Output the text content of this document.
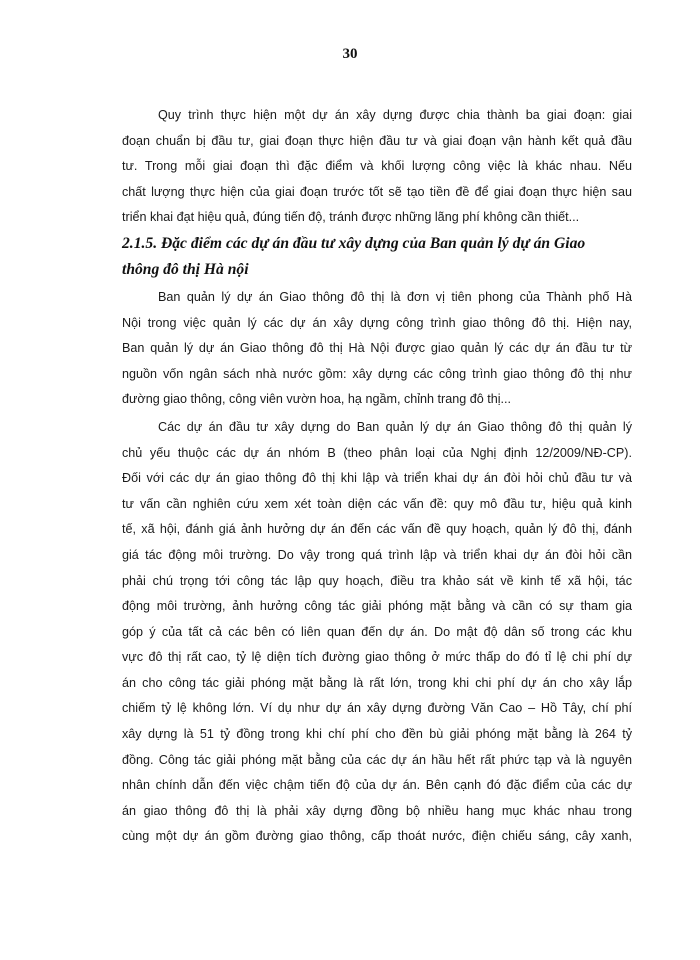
30

Quy trình thực hiện một dự án xây dựng được chia thành ba giai đoạn: giai
đoạn chuẩn bị đầu tư, giai đoạn thực hiện đầu tư và giai đoạn vận hành kết quả đầu
tư. Trong mỗi giai đoạn thì đặc điểm và khối lượng công việc là khác nhau. Nếu
chất lượng thực hiện của giai đoạn trước tốt sẽ tạo tiền đề để giai đoạn thực hiện sau
triển khai đạt hiệu quả, đúng tiến độ, tránh được những lãng phí không cần thiết...

2.1.5. Đặc điểm các dự án đầu tư xây dựng của Ban quản lý dự án Giao
thông đô thị Hà nội

Ban quản lý dự án Giao thông đô thị là đơn vị tiên phong của Thành phố Hà
Nội trong việc quản lý các dự án xây dựng công trình giao thông đô thị. Hiện nay,
Ban quản lý dự án Giao thông đô thị Hà Nội được giao quản lý các dự án đầu tư từ
nguồn vốn ngân sách nhà nước gồm: xây dựng các công trình giao thông đô thị như
đường giao thông, công viên vườn hoa, hạ ngầm, chỉnh trang đô thị...

Các dự án đầu tư xây dựng do Ban quản lý dự án Giao thông đô thị quản lý
chủ yếu thuộc các dự án nhóm B (theo phân loại của Nghị định 12/2009/NĐ-CP).
Đối với các dự án giao thông đô thị khi lập và triển khai dự án đòi hỏi chủ đầu tư và
tư vấn cần nghiên cứu xem xét toàn diện các vấn đề: quy mô đầu tư, hiệu quả kinh
tế, xã hội, đánh giá ảnh hưởng dự án đến các vấn đề quy hoạch, quản lý đô thị, đánh
giá tác động môi trường. Do vậy trong quá trình lập và triển khai dự án đòi hỏi cần
phải chú trọng tới công tác lập quy hoạch, điều tra khảo sát về kinh tế xã hội, tác
động môi trường, ảnh hưởng công tác giải phóng mặt bằng và cần có sự tham gia
góp ý của tất cả các bên có liên quan đến dự án. Do mật độ dân số trong các khu
vực đô thị rất cao, tỷ lệ diện tích đường giao thông ở mức thấp do đó tỉ lệ chi phí dự
án cho công tác giải phóng mặt bằng là rất lớn, trong khi chi phí dự án cho xây lắp
chiếm tỷ lệ không lớn. Ví dụ như dự án xây dựng đường Văn Cao – Hồ Tây, chí phí
xây dựng là 51 tỷ đồng trong khi chí phí cho đền bù giải phóng mặt bằng là 264 tỷ
đồng. Công tác giải phóng mặt bằng của các dự án hầu hết rất phức tạp và là nguyên
nhân chính dẫn đến việc chậm tiến độ của dự án. Bên cạnh đó đặc điểm của các dự
án giao thông đô thị là phải xây dựng đồng bộ nhiều hang mục khác nhau trong
cùng một dự án gồm đường giao thông, cấp thoát nước, điện chiếu sáng, cây xanh,
